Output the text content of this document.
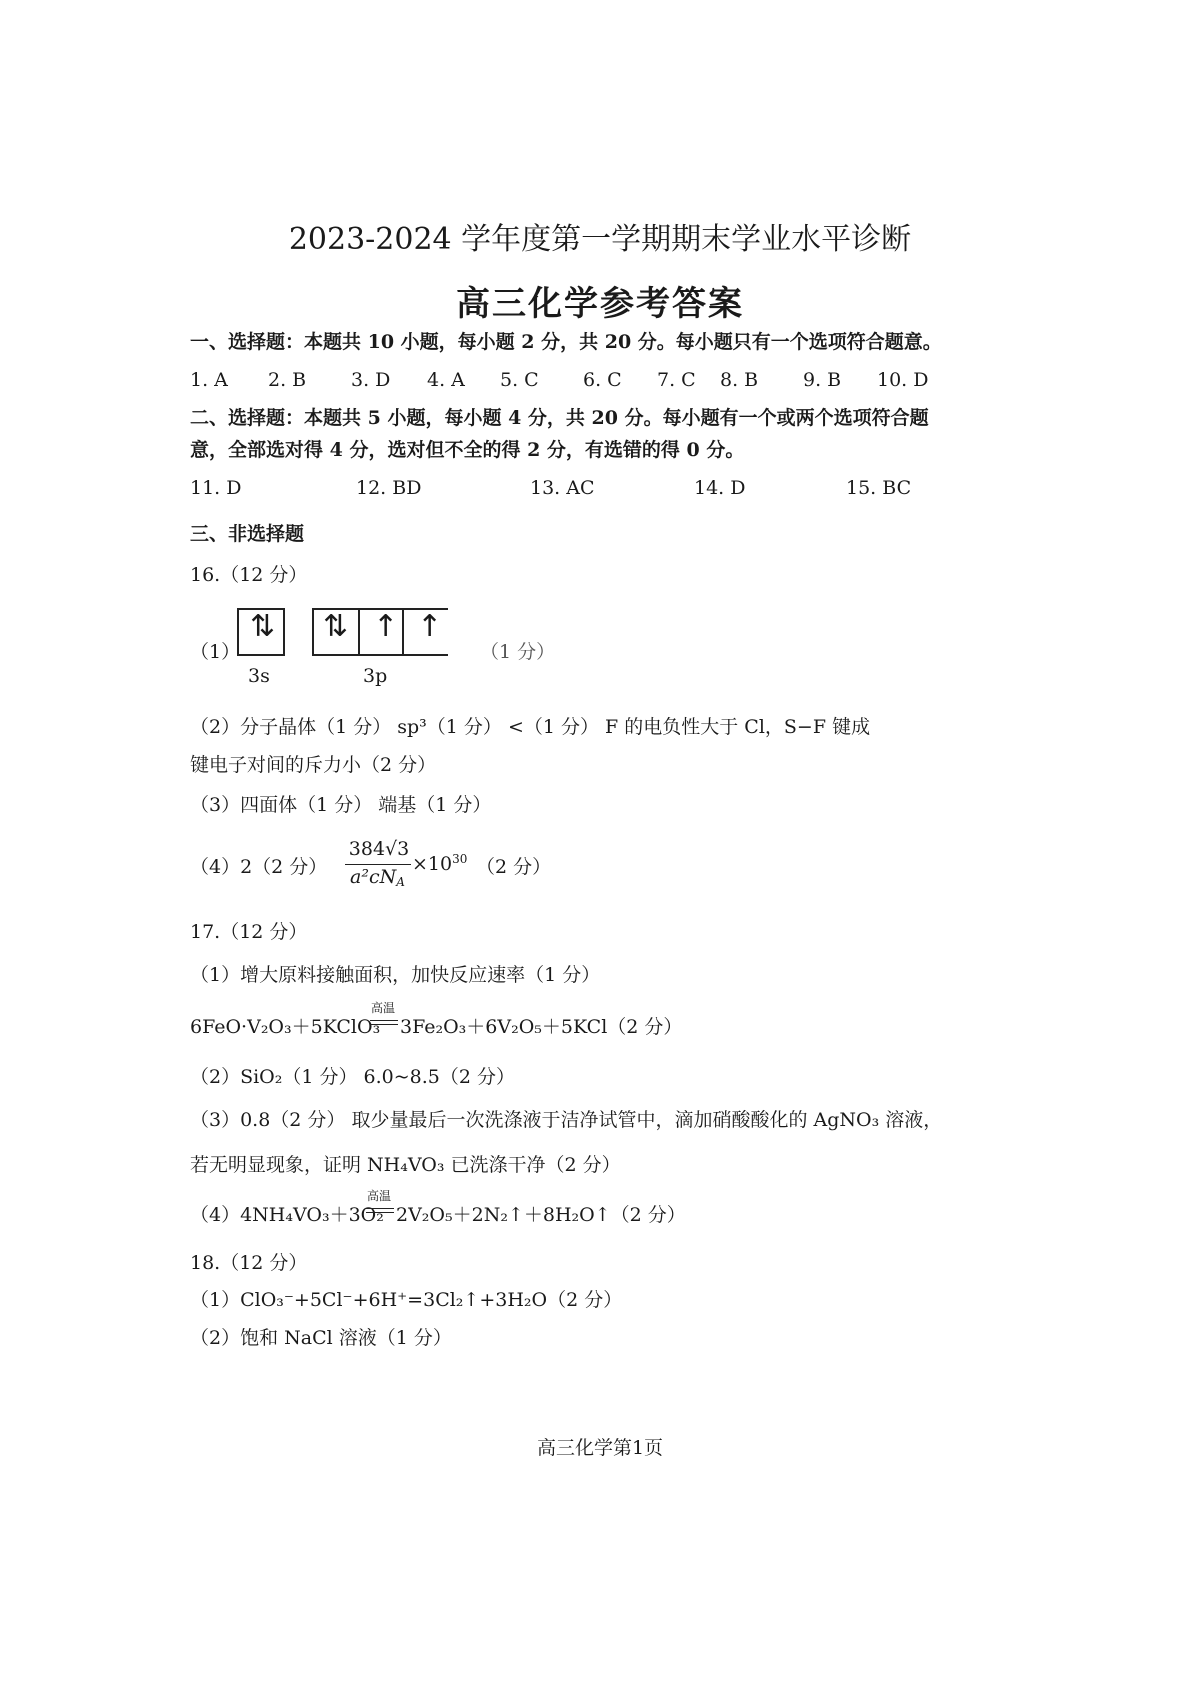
2023-2024 学年度第一学期期末学业水平诊断
高三化学参考答案
一、选择题：本题共 10 小题，每小题 2 分，共 20 分。每小题只有一个选项符合题意。
1. A 2. B 3. D 4. A 5. C 6. C 7. C 8. B 9. B 10. D
二、选择题：本题共 5 小题，每小题 4 分，共 20 分。每小题有一个或两个选项符合题
意，全部选对得 4 分，选对但不全的得 2 分，有选错的得 0 分。
11. D	12. BD	13. AC	14. D	15. BC
三、非选择题
16.（12 分）
（1）
⇅ ⇅ ↑ ↑
3s	3p
（1 分）
（2）分子晶体（1 分） sp³（1 分） <（1 分） F 的电负性大于 Cl，S−F 键成
键电子对间的斥力小（2 分）
（3）四面体（1 分） 端基（1 分）
（4）2（2 分）
384√3
$a^2cN_A$
$\times 10^{30}$ （2 分）
17.（12 分）
（1）增大原料接触面积，加快反应速率（1 分）
6FeO·V₂O₃＋5KClO₃
高温
3Fe₂O₃＋6V₂O₅＋5KCl（2 分）
（2）SiO₂（1 分） 6.0~8.5（2 分）
（3）0.8（2 分） 取少量最后一次洗涤液于洁净试管中，滴加硝酸酸化的 AgNO₃ 溶液，
若无明显现象，证明 NH₄VO₃ 已洗涤干净（2 分）
（4）4NH₄VO₃＋3O₂
高温
2V₂O₅＋2N₂↑＋8H₂O↑（2 分）
18.（12 分）
（1）ClO₃⁻+5Cl⁻+6H⁺=3Cl₂↑+3H₂O（2 分）
（2）饱和 NaCl 溶液（1 分）
高三化学第1页
